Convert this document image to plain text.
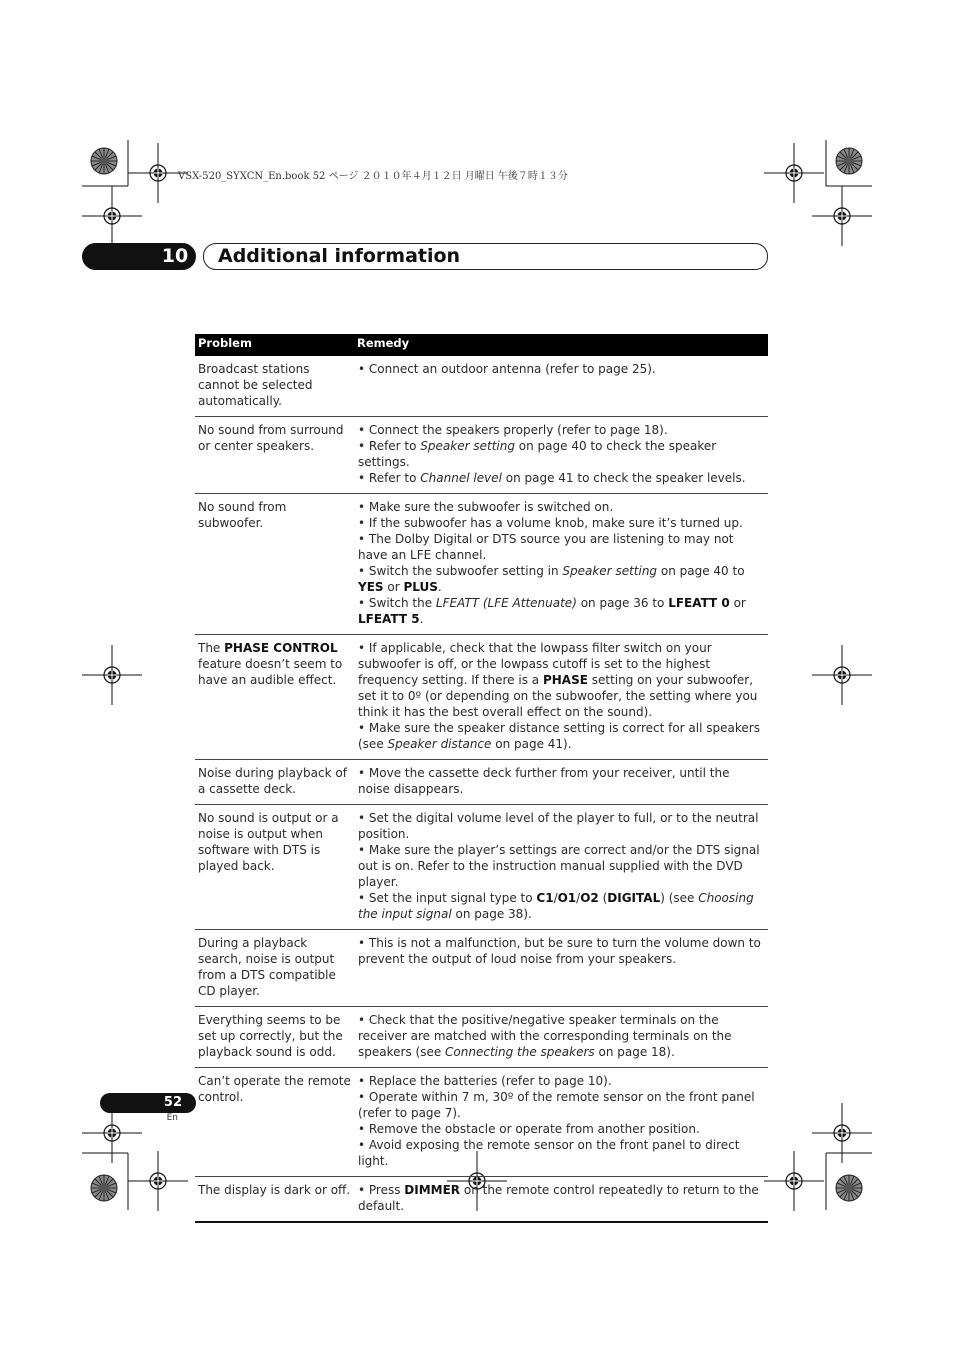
VSX-520_SYXCN_En.book 52 ページ ２０１０年４月１２日 月曜日 午後７時１３分
10 Additional information
Problem	Remedy
Broadcast stations cannot be selected automatically.
• Connect an outdoor antenna (refer to page 25).
No sound from surround or center speakers.
• Connect the speakers properly (refer to page 18).
• Refer to Speaker setting on page 40 to check the speaker settings.
• Refer to Channel level on page 41 to check the speaker levels.
No sound from subwoofer.
• Make sure the subwoofer is switched on.
• If the subwoofer has a volume knob, make sure it’s turned up.
• The Dolby Digital or DTS source you are listening to may not have an LFE channel.
• Switch the subwoofer setting in Speaker setting on page 40 to YES or PLUS.
• Switch the LFEATT (LFE Attenuate) on page 36 to LFEATT 0 or LFEATT 5.
The PHASE CONTROL feature doesn’t seem to have an audible effect.
• If applicable, check that the lowpass filter switch on your subwoofer is off, or the lowpass cutoff is set to the highest frequency setting. If there is a PHASE setting on your subwoofer, set it to 0º (or depending on the subwoofer, the setting where you think it has the best overall effect on the sound).
• Make sure the speaker distance setting is correct for all speakers (see Speaker distance on page 41).
Noise during playback of a cassette deck.
• Move the cassette deck further from your receiver, until the noise disappears.
No sound is output or a noise is output when software with DTS is played back.
• Set the digital volume level of the player to full, or to the neutral position.
• Make sure the player’s settings are correct and/or the DTS signal out is on. Refer to the instruction manual supplied with the DVD player.
• Set the input signal type to C1/O1/O2 (DIGITAL) (see Choosing the input signal on page 38).
During a playback search, noise is output from a DTS compatible CD player.
• This is not a malfunction, but be sure to turn the volume down to prevent the output of loud noise from your speakers.
Everything seems to be set up correctly, but the playback sound is odd.
• Check that the positive/negative speaker terminals on the receiver are matched with the corresponding terminals on the speakers (see Connecting the speakers on page 18).
Can’t operate the remote control.
• Replace the batteries (refer to page 10).
• Operate within 7 m, 30º of the remote sensor on the front panel (refer to page 7).
• Remove the obstacle or operate from another position.
• Avoid exposing the remote sensor on the front panel to direct light.
The display is dark or off. • Press DIMMER on the remote control repeatedly to return to the default.
52
En
